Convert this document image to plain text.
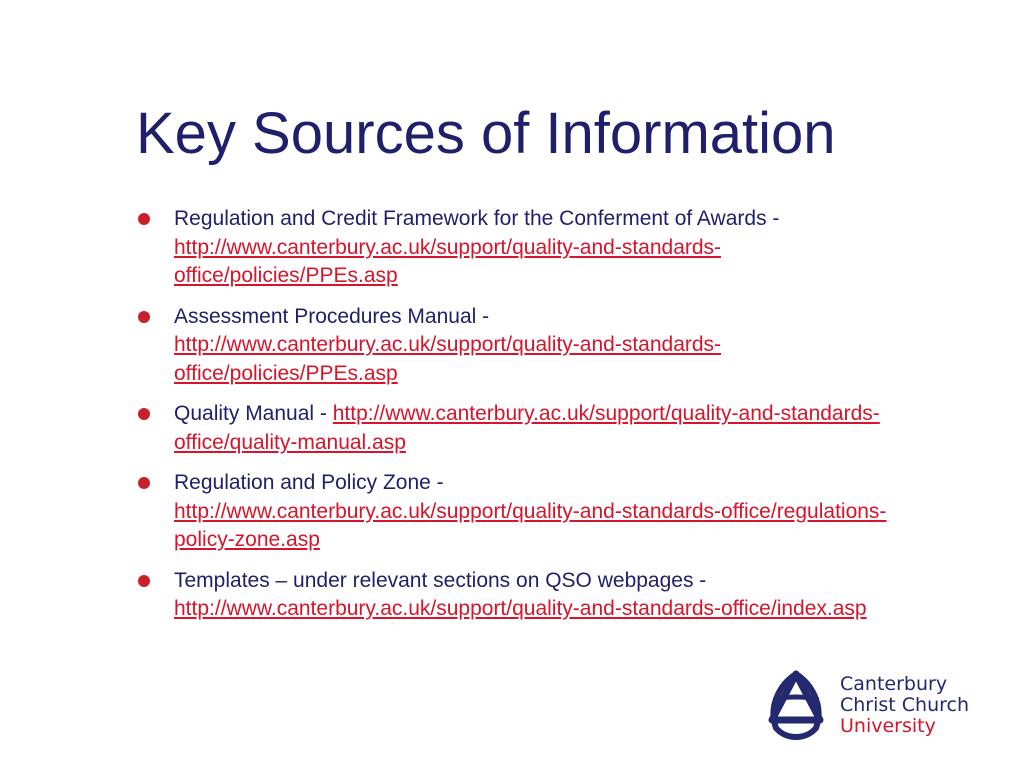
Key Sources of Information
Regulation and Credit Framework for the Conferment of Awards - http://www.canterbury.ac.uk/support/quality-and-standards-office/policies/PPEs.asp
Assessment Procedures Manual -
http://www.canterbury.ac.uk/support/quality-and-standards-office/policies/PPEs.asp
Quality Manual - http://www.canterbury.ac.uk/support/quality-and-standards-office/quality-manual.asp
Regulation and Policy Zone -
http://www.canterbury.ac.uk/support/quality-and-standards-office/regulations-policy-zone.asp
Templates – under relevant sections on QSO webpages -
http://www.canterbury.ac.uk/support/quality-and-standards-office/index.asp
Canterbury
Christ Church
University
